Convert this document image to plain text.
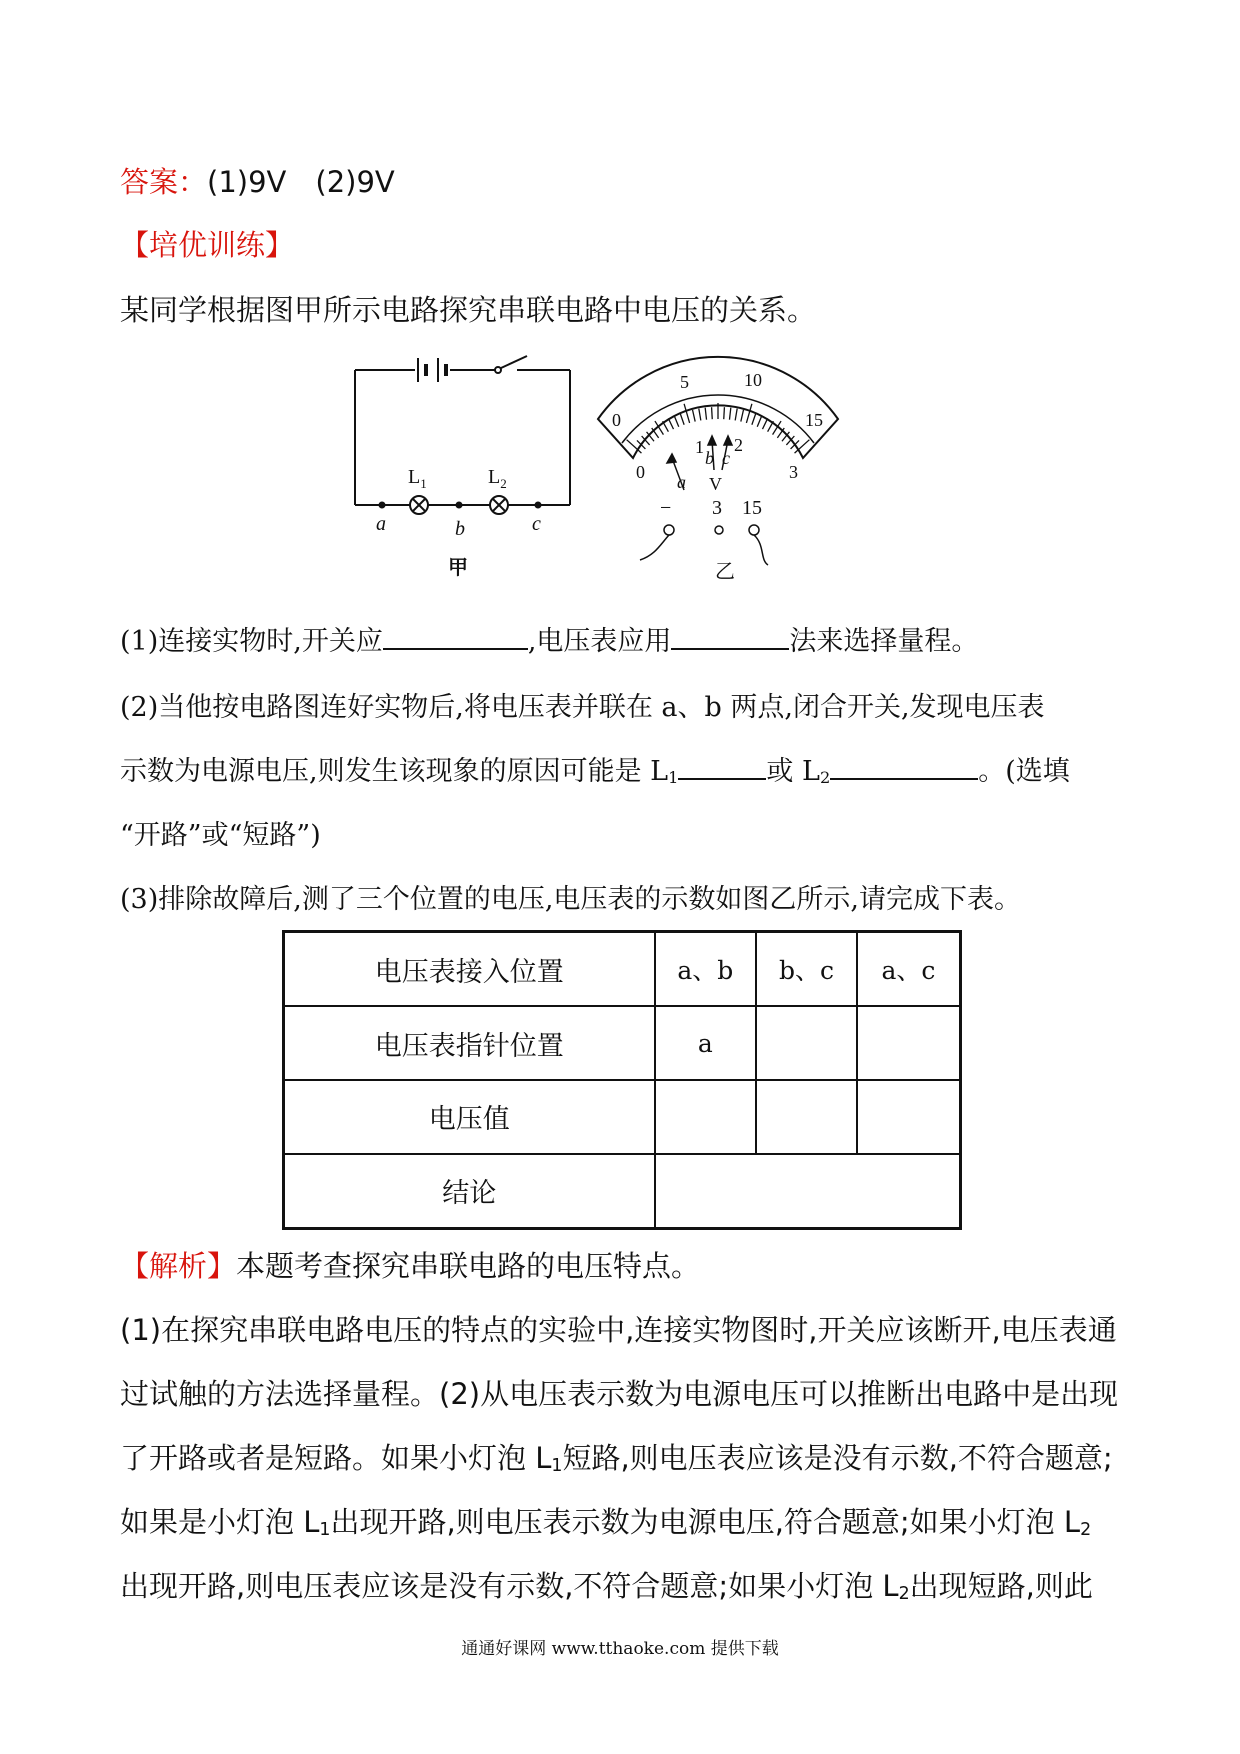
答案：(1)9V　(2)9V
【培优训练】
某同学根据图甲所示电路探究串联电路中电压的关系。
a	b	c
$L_1$	$L_2$
甲	乙
0
5	10
15
0
1 2
3
a
b c
V
− 3 15
(1)连接实物时,开关应	,电压表应用	法来选择量程。
(2)当他按电路图连好实物后,将电压表并联在 a、b 两点,闭合开关,发现电压表
示数为电源电压,则发生该现象的原因可能是 $L_1$	或 $L_2$	。(选填
“开路”或“短路”)
(3)排除故障后,测了三个位置的电压,电压表的示数如图乙所示,请完成下表。
电压表接入位置	a、b	b、c	a、c
电压表指针位置	a		
电压值			
结论			
【解析】本题考查探究串联电路的电压特点。
(1)在探究串联电路电压的特点的实验中,连接实物图时,开关应该断开,电压表通
过试触的方法选择量程。(2)从电压表示数为电源电压可以推断出电路中是出现
了开路或者是短路。如果小灯泡 $L_1$短路,则电压表应该是没有示数,不符合题意;
如果是小灯泡 $L_1$出现开路,则电压表示数为电源电压,符合题意;如果小灯泡 $L_2$
出现开路,则电压表应该是没有示数,不符合题意;如果小灯泡 $L_2$出现短路,则此
通通好课网 www.tthaoke.com 提供下载
